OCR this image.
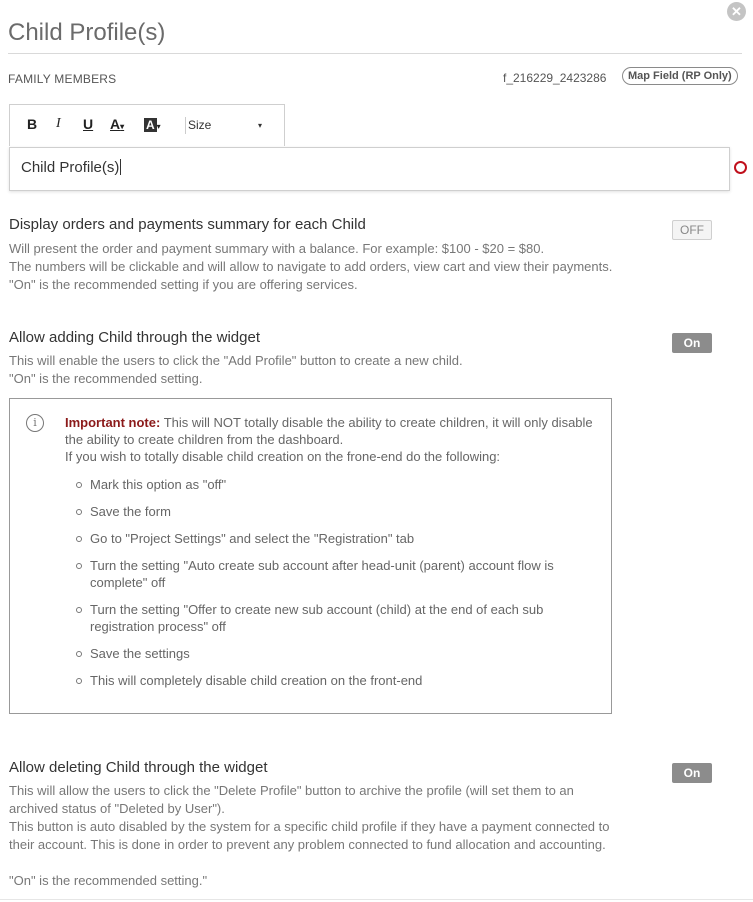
✕
Child Profile(s)
FAMILY MEMBERS	f_216229_2423286	Map Field (RP Only)
B I U A▾ A ▾ Size	▾
Child Profile(s)
Display orders and payments summary for each Child
Will present the order and payment summary with a balance. For example: $100 - $20 = $80.
The numbers will be clickable and will allow to navigate to add orders, view cart and view their payments.
"On" is the recommended setting if you are offering services.
OFF
Allow adding Child through the widget
This will enable the users to click the "Add Profile" button to create a new child.
"On" is the recommended setting.
On
i	Important note: This will NOT totally disable the ability to create children, it will only disable the ability to create children from the dashboard.
If you wish to totally disable child creation on the frone-end do the following:
Mark this option as "off"
Save the form
Go to "Project Settings" and select the "Registration" tab
Turn the setting "Auto create sub account after head-unit (parent) account flow is complete" off
Turn the setting "Offer to create new sub account (child) at the end of each sub registration process" off
Save the settings
This will completely disable child creation on the front-end
Allow deleting Child through the widget
This will allow the users to click the "Delete Profile" button to archive the profile (will set them to an
archived status of "Deleted by User").
This button is auto disabled by the system for a specific child profile if they have a payment connected to
their account. This is done in order to prevent any problem connected to fund allocation and accounting.
"On" is the recommended setting."
On
